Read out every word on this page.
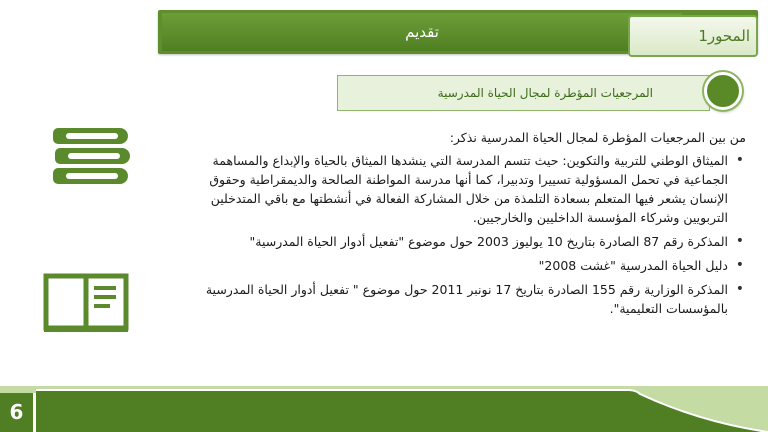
تقديم	المحور1
المرجعيات المؤطرة لمجال الحياة المدرسية

من بين المرجعيات المؤطرة لمجال الحياة المدرسية نذكر:

• الميثاق الوطني للتربية والتكوين: حيث تتسم المدرسة التي ينشدها الميثاق بالحياة والإبداع والمساهمة الجماعية في تحمل المسؤولية تسييرا وتدبيرا، كما أنها مدرسة المواطنة الصالحة والديمقراطية وحقوق الإنسان يشعر فيها المتعلم بسعادة التلمذة من خلال المشاركة الفعالة في أنشطتها مع باقي المتدخلين التربويين وشركاء المؤسسة الداخليين والخارجيين.
• المذكرة رقم 87 الصادرة بتاريخ 10 يوليوز 2003 حول موضوع "تفعيل أدوار الحياة المدرسية"
• دليل الحياة المدرسية "غشت 2008"
• المذكرة الوزارية رقم 155 الصادرة بتاريخ 17 نونبر 2011 حول موضوع " تفعيل أدوار الحياة المدرسية بالمؤسسات التعليمية".
6
